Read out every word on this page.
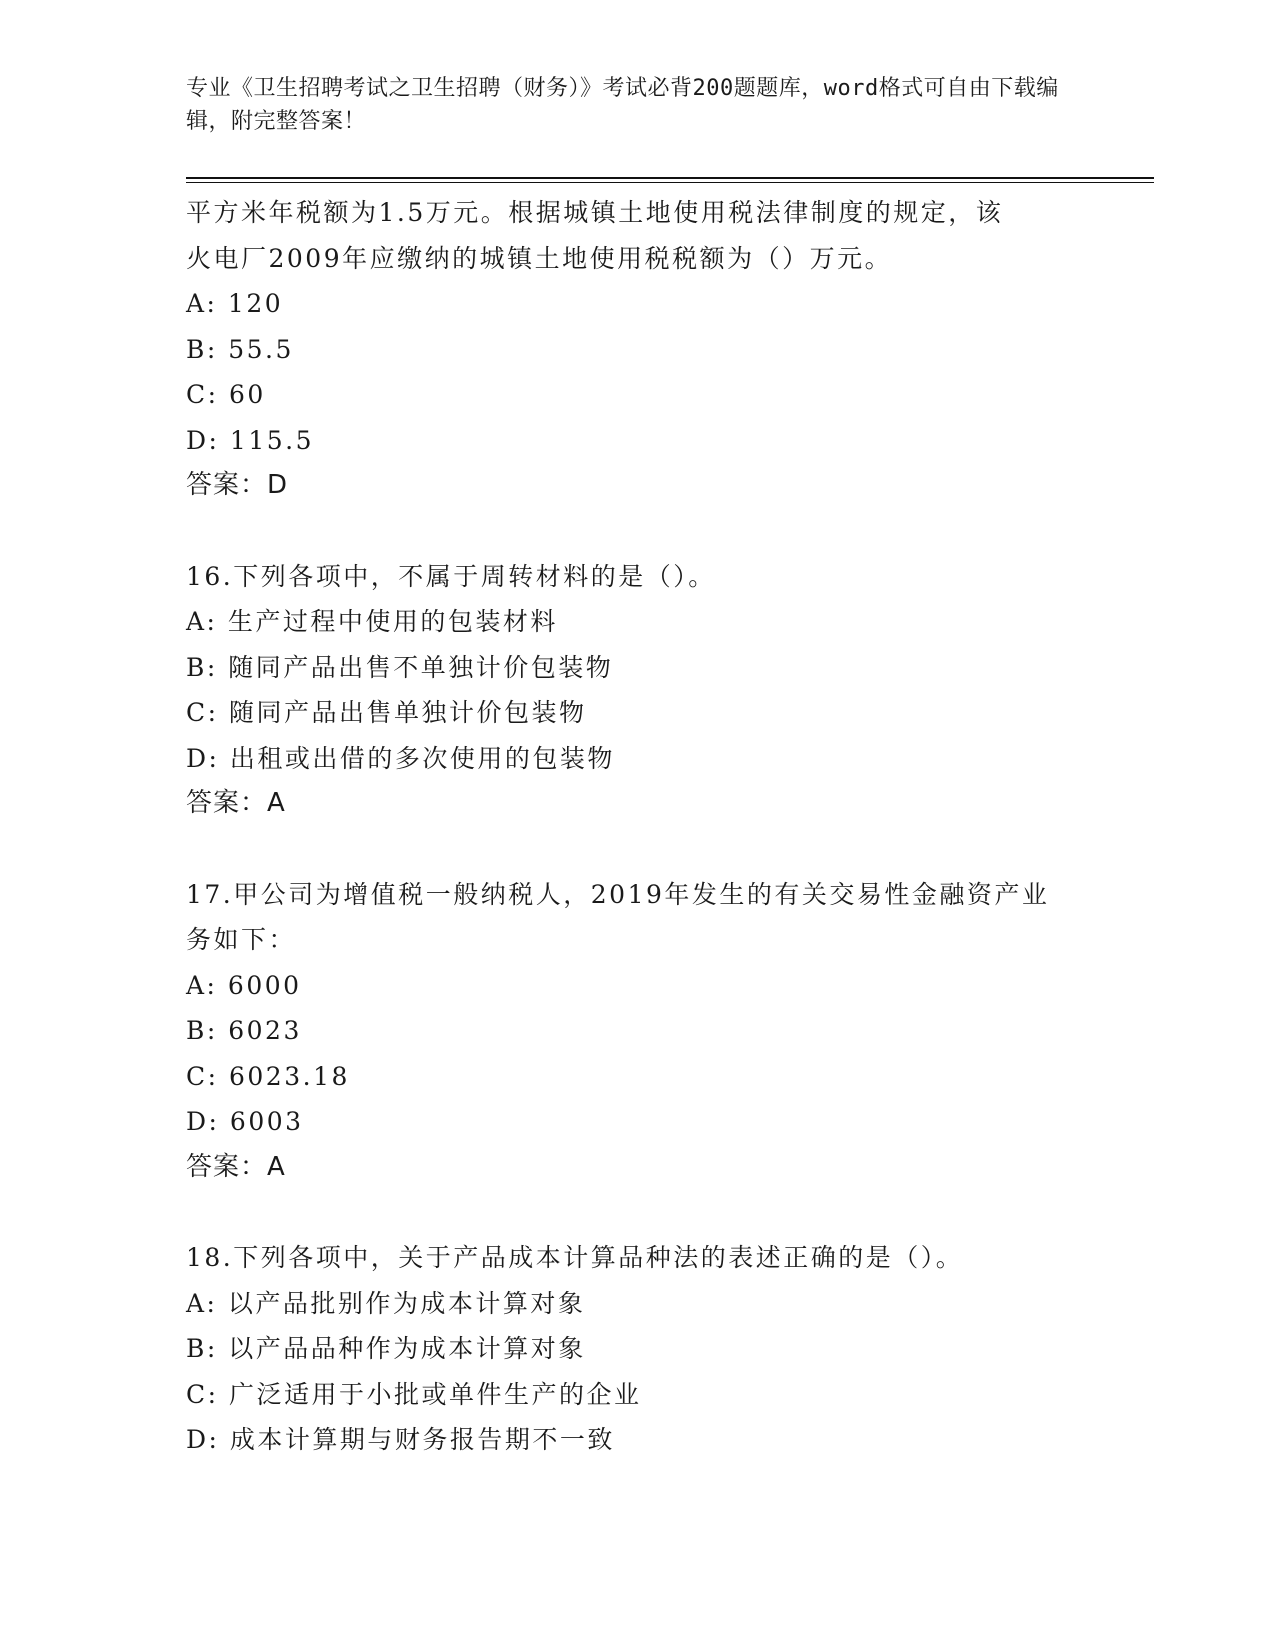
专业《卫生招聘考试之卫生招聘（财务）》考试必背200题题库，word格式可自由下载编辑，附完整答案！
平方米年税额为1.5万元。根据城镇土地使用税法律制度的规定，该
火电厂2009年应缴纳的城镇土地使用税税额为（）万元。
A: 120
B: 55.5
C: 60
D: 115.5
答案：D
16.下列各项中，不属于周转材料的是（）。
A: 生产过程中使用的包装材料
B: 随同产品出售不单独计价包装物
C: 随同产品出售单独计价包装物
D: 出租或出借的多次使用的包装物
答案：A
17.甲公司为增值税一般纳税人，2019年发生的有关交易性金融资产业
务如下：
A: 6000
B: 6023
C: 6023.18
D: 6003
答案：A
18.下列各项中，关于产品成本计算品种法的表述正确的是（）。
A: 以产品批别作为成本计算对象
B: 以产品品种作为成本计算对象
C: 广泛适用于小批或单件生产的企业
D: 成本计算期与财务报告期不一致
